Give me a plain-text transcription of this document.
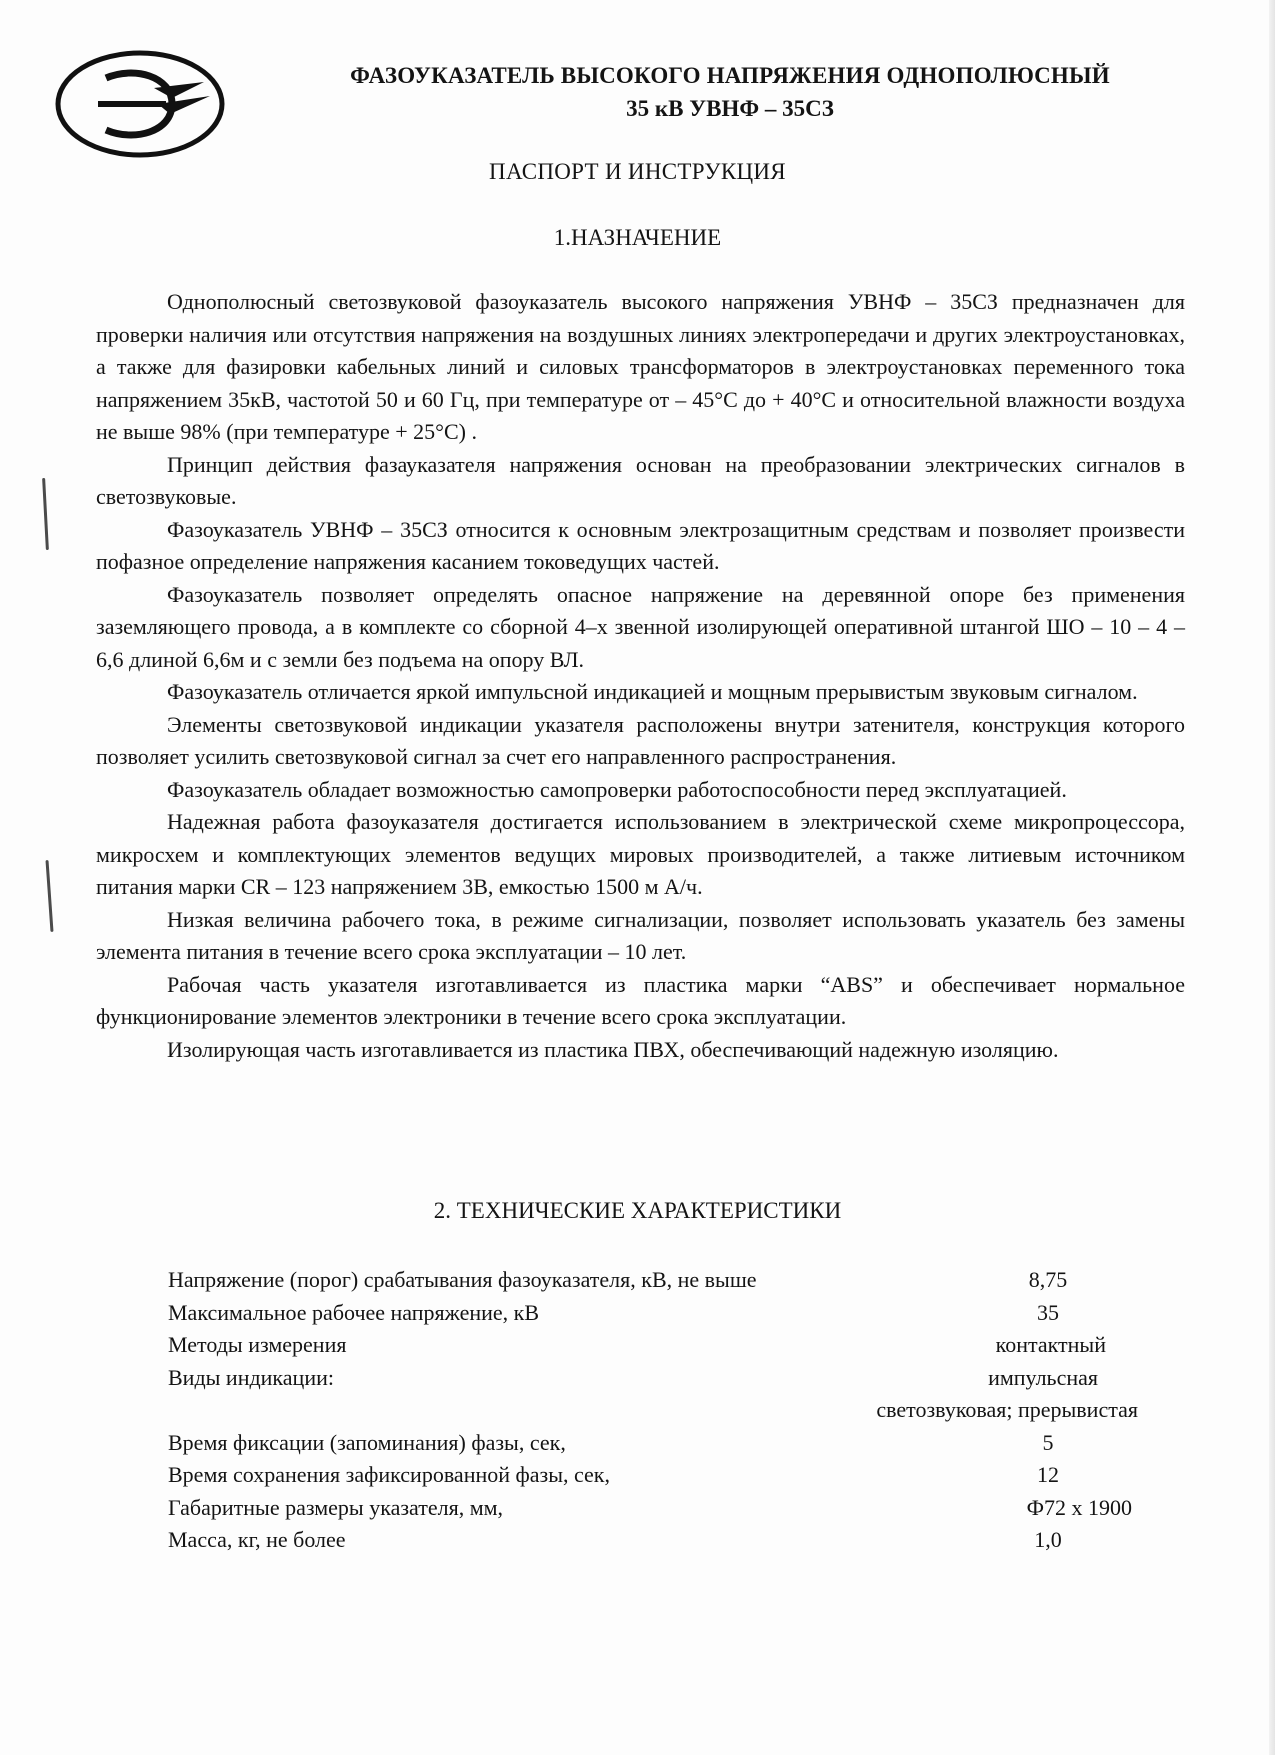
ФАЗОУКАЗАТЕЛЬ ВЫСОКОГО НАПРЯЖЕНИЯ ОДНОПОЛЮСНЫЙ
35 кВ УВНФ – 35СЗ
ПАСПОРТ И ИНСТРУКЦИЯ
1.НАЗНАЧЕНИЕ

Однополюсный светозвуковой фазоуказатель высокого напряжения УВНФ – 35СЗ предназначен для проверки наличия или отсутствия напряжения на воздушных линиях электропередачи и других электроустановках, а также для фазировки кабельных линий и силовых трансформаторов в электроустановках переменного тока напряжением 35кВ, частотой 50 и 60 Гц, при температуре от – 45°С до + 40°С и относительной влажности воздуха не выше 98% (при температуре + 25°С) .

Принцип действия фазауказателя напряжения основан на преобразовании электрических сигналов в светозвуковые.

Фазоуказатель УВНФ – 35СЗ относится к основным электрозащитным средствам и позволяет произвести пофазное определение напряжения касанием токоведущих частей.

Фазоуказатель позволяет определять опасное напряжение на деревянной опоре без применения заземляющего провода, а в комплекте со сборной 4–х звенной изолирующей оперативной штангой ШО – 10 – 4 – 6,6 длиной 6,6м и с земли без подъема на опору ВЛ.

Фазоуказатель отличается яркой импульсной индикацией и мощным прерывистым звуковым сигналом.

Элементы светозвуковой индикации указателя расположены внутри затенителя, конструкция которого позволяет усилить светозвуковой сигнал за счет его направленного распространения.

Фазоуказатель обладает возможностью самопроверки работоспособности перед эксплуатацией.

Надежная работа фазоуказателя достигается использованием в электрической схеме микропроцессора, микросхем и комплектующих элементов ведущих мировых производителей, а также литиевым источником питания марки CR – 123 напряжением 3В, емкостью 1500 м А/ч.

Низкая величина рабочего тока, в режиме сигнализации, позволяет использовать указатель без замены элемента питания в течение всего срока эксплуатации – 10 лет.

Рабочая часть указателя изготавливается из пластика марки “ABS” и обеспечивает нормальное функционирование элементов электроники в течение всего срока эксплуатации.

Изолирующая часть изготавливается из пластика ПВХ, обеспечивающий надежную изоляцию.

2. ТЕХНИЧЕСКИЕ ХАРАКТЕРИСТИКИ
Напряжение (порог) срабатывания фазоуказателя, кВ, не выше	8,75
Максимальное рабочее напряжение, кВ	35
Методы измерения	контактный
Виды индикации:	импульсная
светозвуковая; прерывистая
Время фиксации (запоминания) фазы, сек,	5
Время сохранения зафиксированной фазы, сек,	12
Габаритные размеры указателя, мм,	Ф72 х 1900
Масса, кг, не более	1,0
